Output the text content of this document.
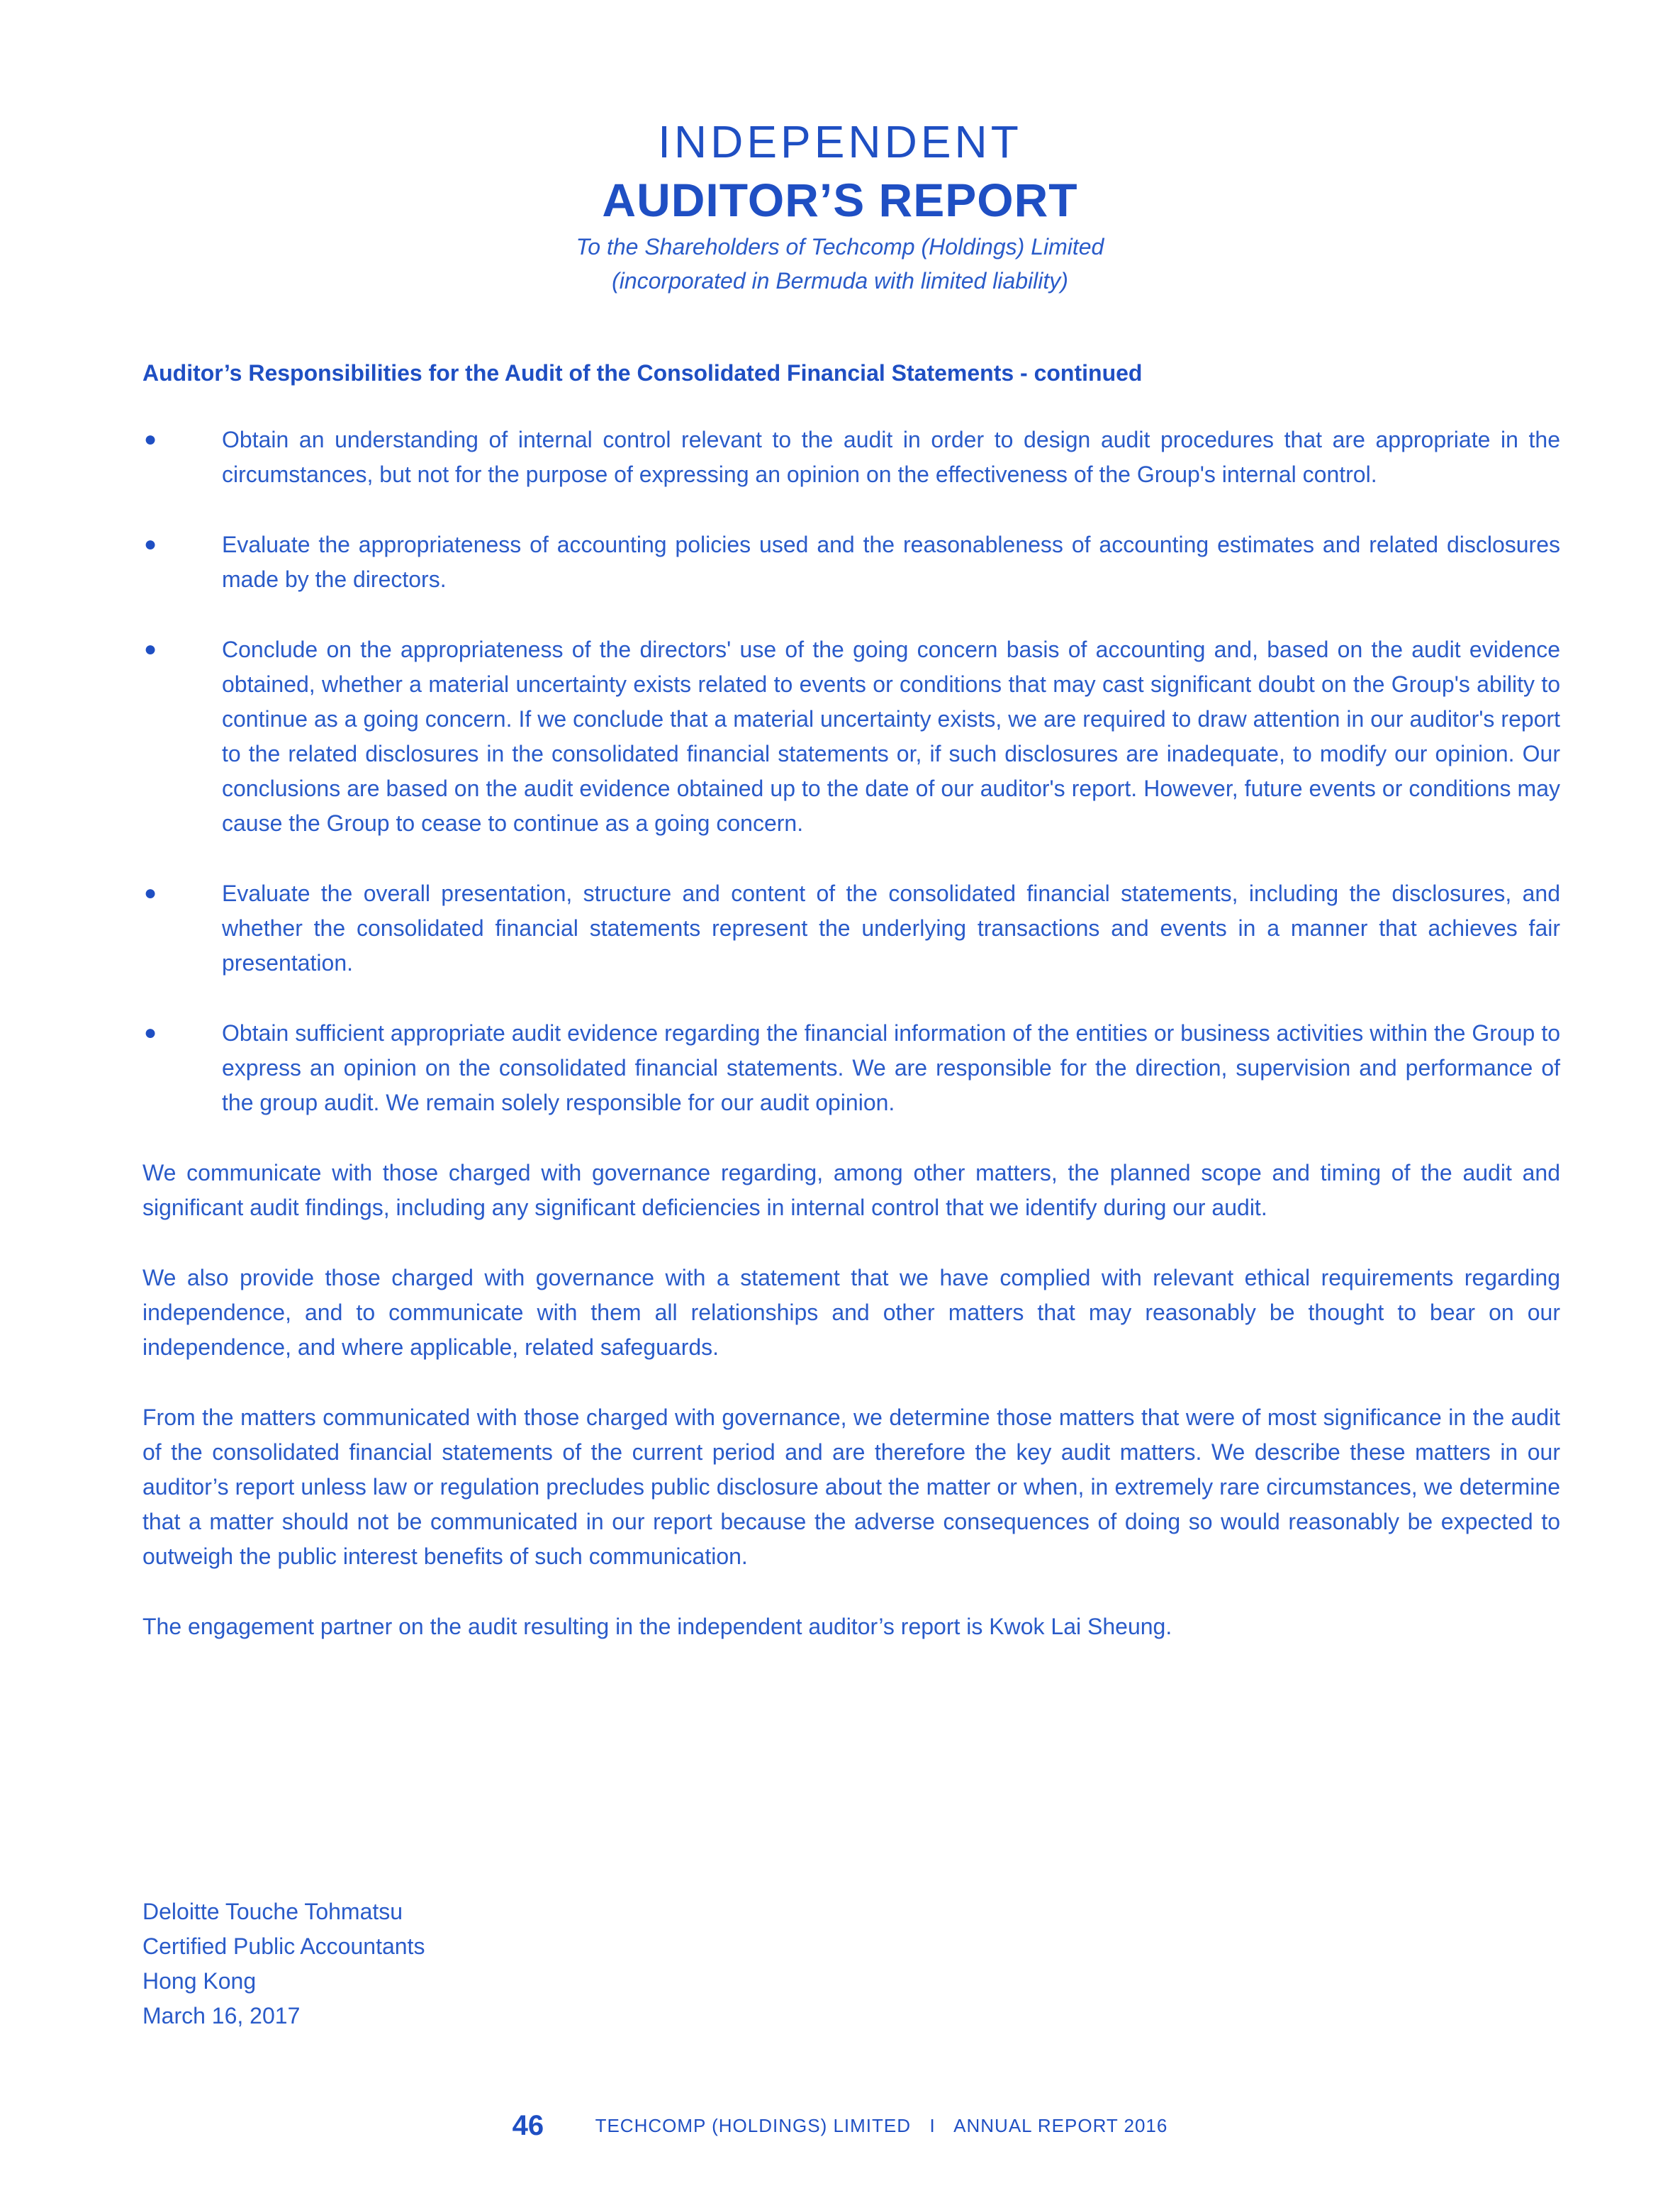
INDEPENDENT

AUDITOR’S REPORT

To the Shareholders of Techcomp (Holdings) Limited

(incorporated in Bermuda with limited liability)

Auditor’s Responsibilities for the Audit of the Consolidated Financial Statements - continued

●	Obtain an understanding of internal control relevant to the audit in order to design audit procedures that are appropriate in the circumstances, but not for the purpose of expressing an opinion on the effectiveness of the Group's internal control.

●	Evaluate the appropriateness of accounting policies used and the reasonableness of accounting estimates and related disclosures made by the directors.

●	Conclude on the appropriateness of the directors' use of the going concern basis of accounting and, based on the audit evidence obtained, whether a material uncertainty exists related to events or conditions that may cast significant doubt on the Group's ability to continue as a going concern. If we conclude that a material uncertainty exists, we are required to draw attention in our auditor's report to the related disclosures in the consolidated financial statements or, if such disclosures are inadequate, to modify our opinion. Our conclusions are based on the audit evidence obtained up to the date of our auditor's report. However, future events or conditions may cause the Group to cease to continue as a going concern.

●	Evaluate the overall presentation, structure and content of the consolidated financial statements, including the disclosures, and whether the consolidated financial statements represent the underlying transactions and events in a manner that achieves fair presentation.

●	Obtain sufficient appropriate audit evidence regarding the financial information of the entities or business activities within the Group to express an opinion on the consolidated financial statements. We are responsible for the direction, supervision and performance of the group audit. We remain solely responsible for our audit opinion.

We communicate with those charged with governance regarding, among other matters, the planned scope and timing of the audit and significant audit findings, including any significant deficiencies in internal control that we identify during our audit.

We also provide those charged with governance with a statement that we have complied with relevant ethical requirements regarding independence, and to communicate with them all relationships and other matters that may reasonably be thought to bear on our independence, and where applicable, related safeguards.

From the matters communicated with those charged with governance, we determine those matters that were of most significance in the audit of the consolidated financial statements of the current period and are therefore the key audit matters. We describe these matters in our auditor’s report unless law or regulation precludes public disclosure about the matter or when, in extremely rare circumstances, we determine that a matter should not be communicated in our report because the adverse consequences of doing so would reasonably be expected to outweigh the public interest benefits of such communication.

The engagement partner on the audit resulting in the independent auditor’s report is Kwok Lai Sheung.

Deloitte Touche Tohmatsu
Certified Public Accountants
Hong Kong
March 16, 2017
46	TECHCOMP (HOLDINGS) LIMITED I ANNUAL REPORT 2016
